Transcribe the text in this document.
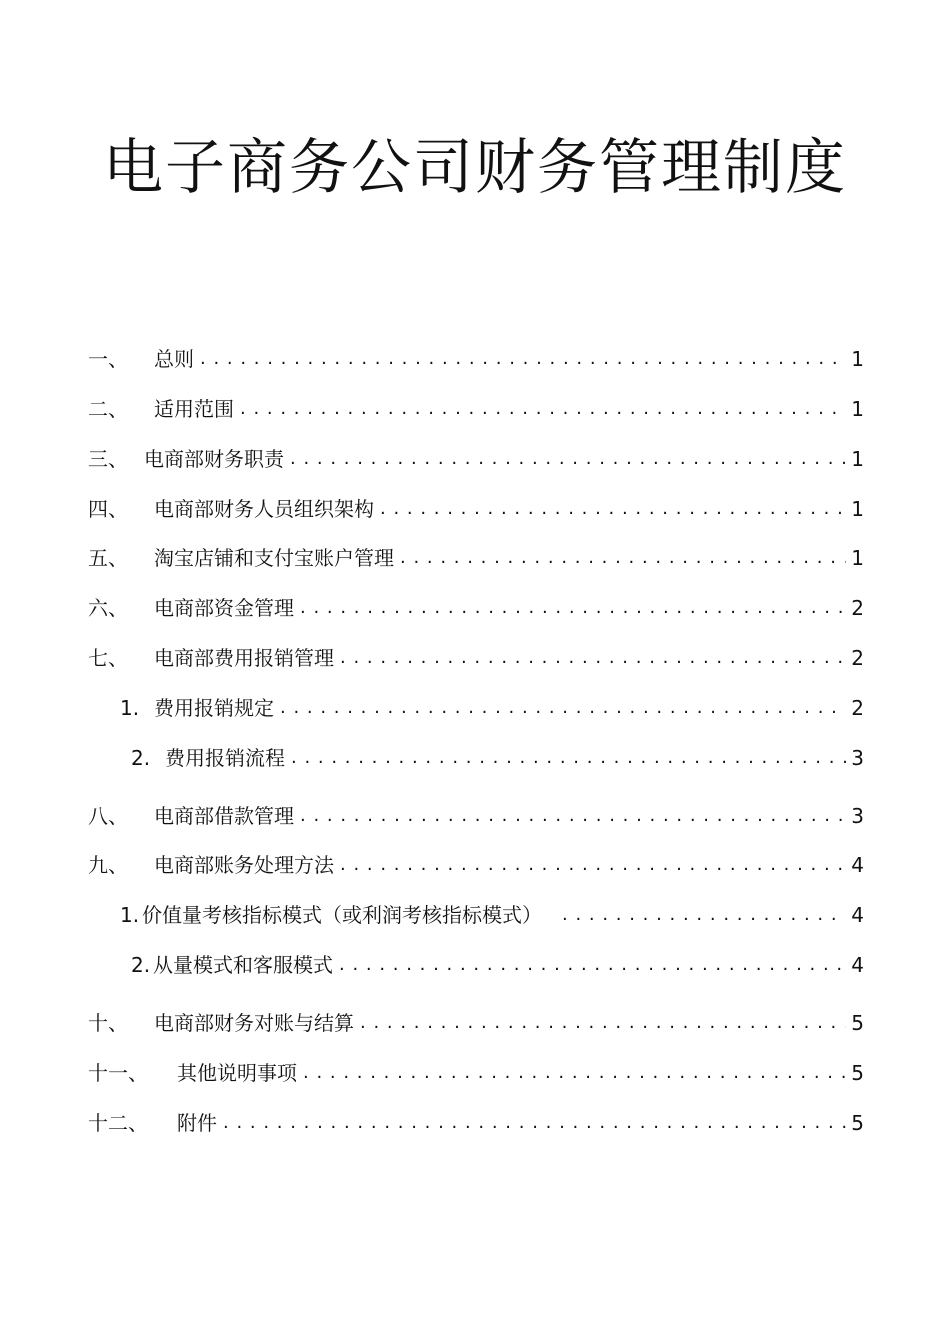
电子商务公司财务管理制度
一、	总则 . . .	1
二、	适用范围 . . .	1
三、 电商部财务职责 . . .	1
四、	电商部财务人员组织架构 . . .	1
五、	淘宝店铺和支付宝账户管理 . . .	1
六、	电商部资金管理 . . .	2
七、	电商部费用报销管理 . . .	2
1. 费用报销规定 . . .	2
2. 费用报销流程 . . .	3
八、	电商部借款管理 . . .	3
九、	电商部账务处理方法 . . .	4
1. 价值量考核指标模式（或利润考核指标模式） . . .	4
2. 从量模式和客服模式 . . .	4
十、	电商部财务对账与结算 . . .	5
十一、	其他说明事项 . . .	5
十二、	附件 . . .	5
